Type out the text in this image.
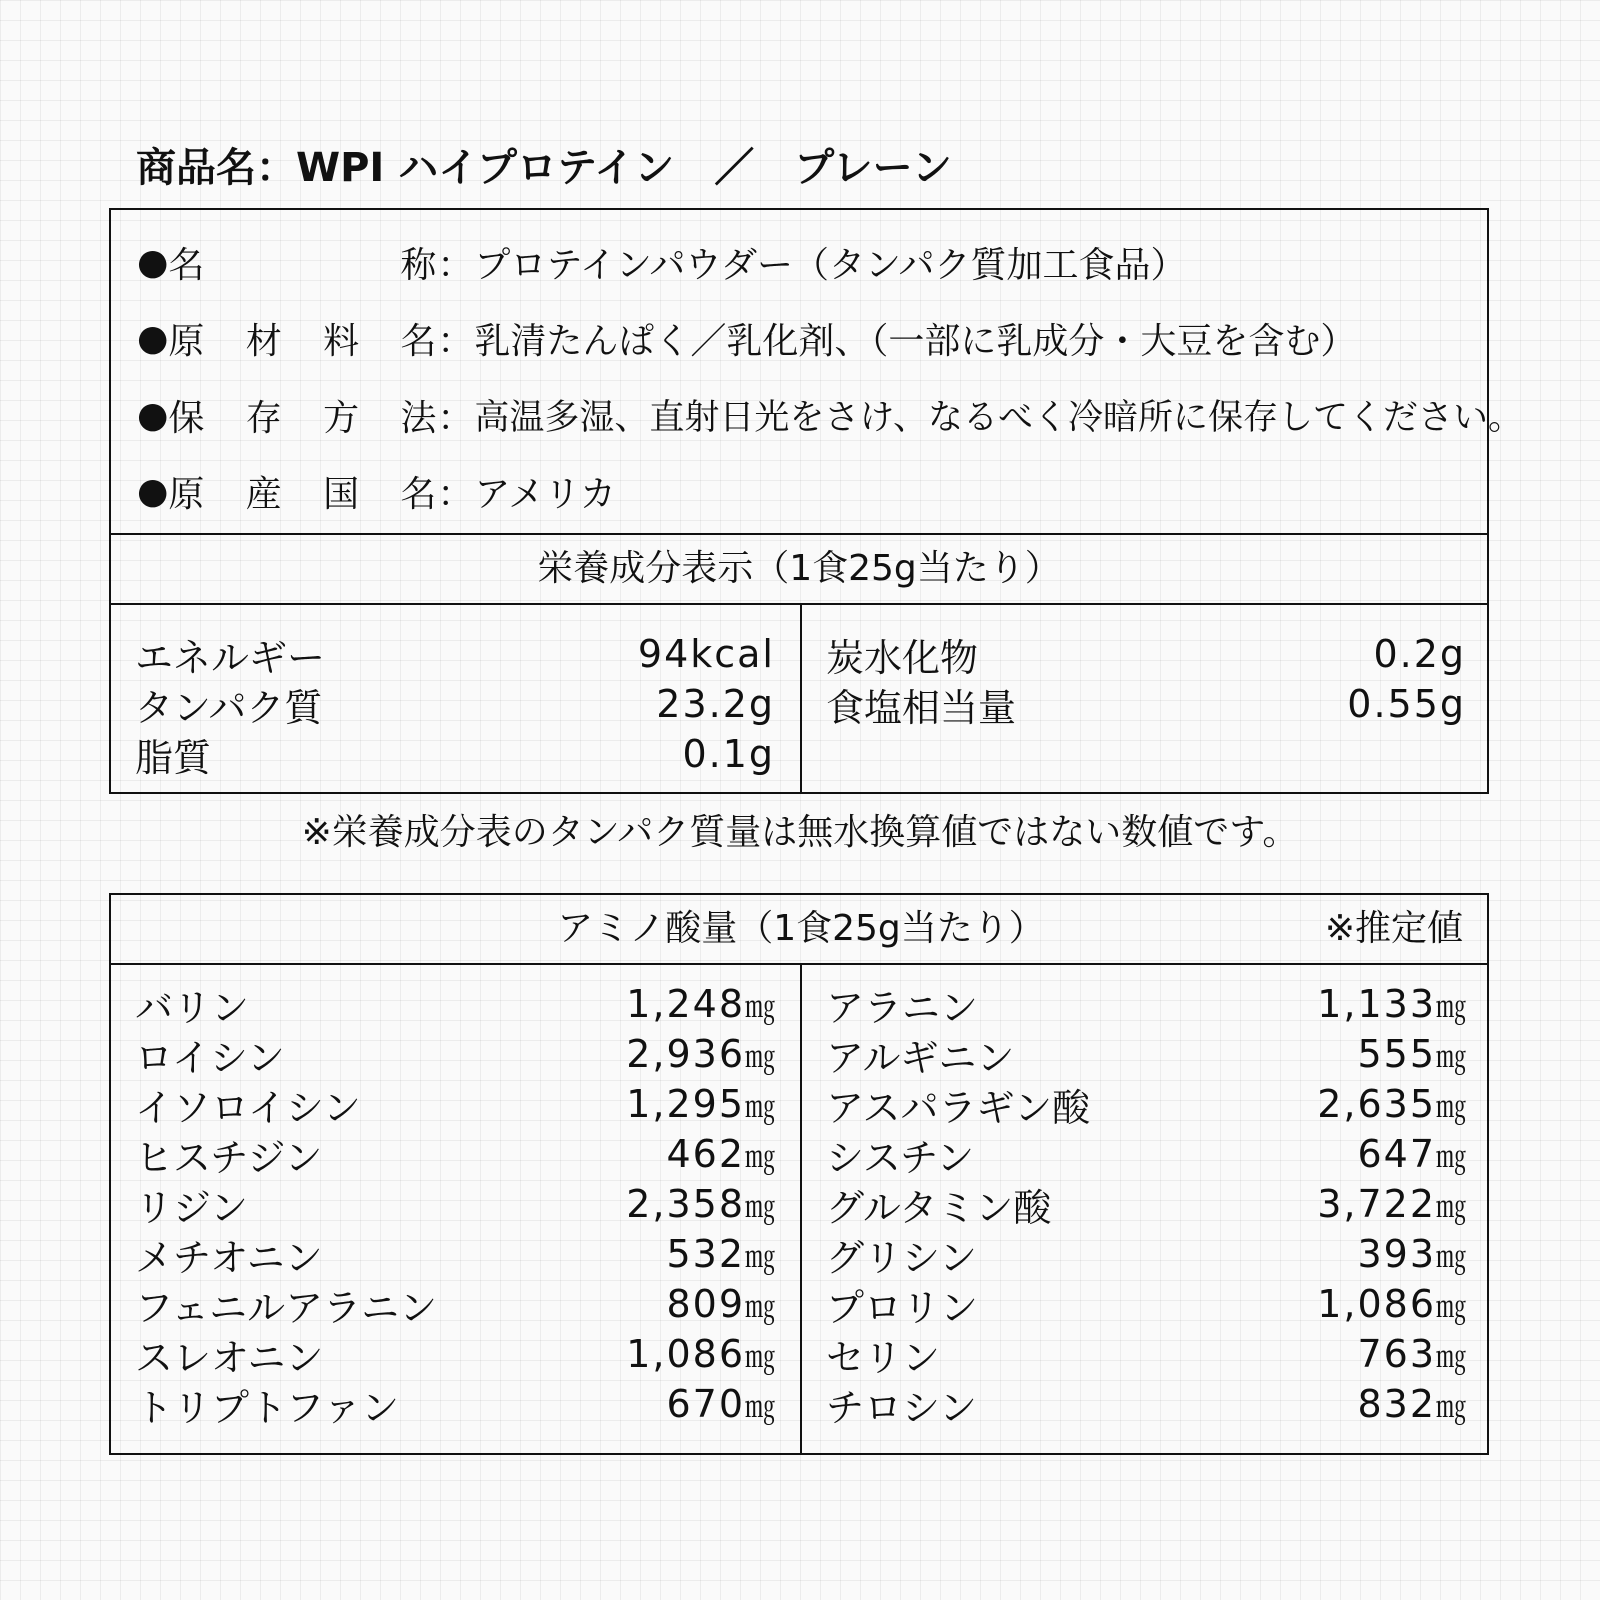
商品名：WPI ハイプロテイン　／　プレーン
● 名	称 ： プロテインパウダー（タンパク質加工食品）
● 原 材 料 名 ： 乳清たんぱく／乳化剤、（一部に乳成分・大豆を含む）
● 保 存 方 法 ： 高温多湿、直射日光をさけ、なるべく冷暗所に保存してください。
● 原 産 国 名 ： アメリカ
栄養成分表示（1食25g当たり）
エネルギー	94kcal
タンパク質	23.2g
脂質	0.1g
炭水化物	0.2g
食塩相当量	0.55g
※栄養成分表のタンパク質量は無水換算値ではない数値です。
アミノ酸量（1食25g当たり）	※推定値
バリン	1,248㎎
ロイシン	2,936㎎
イソロイシン	1,295㎎
ヒスチジン	462㎎
リジン	2,358㎎
メチオニン	532㎎
フェニルアラニン	809㎎
スレオニン	1,086㎎
トリプトファン	670㎎
アラニン	1,133㎎
アルギニン	555㎎
アスパラギン酸	2,635㎎
シスチン	647㎎
グルタミン酸	3,722㎎
グリシン	393㎎
プロリン	1,086㎎
セリン	763㎎
チロシン	832㎎
